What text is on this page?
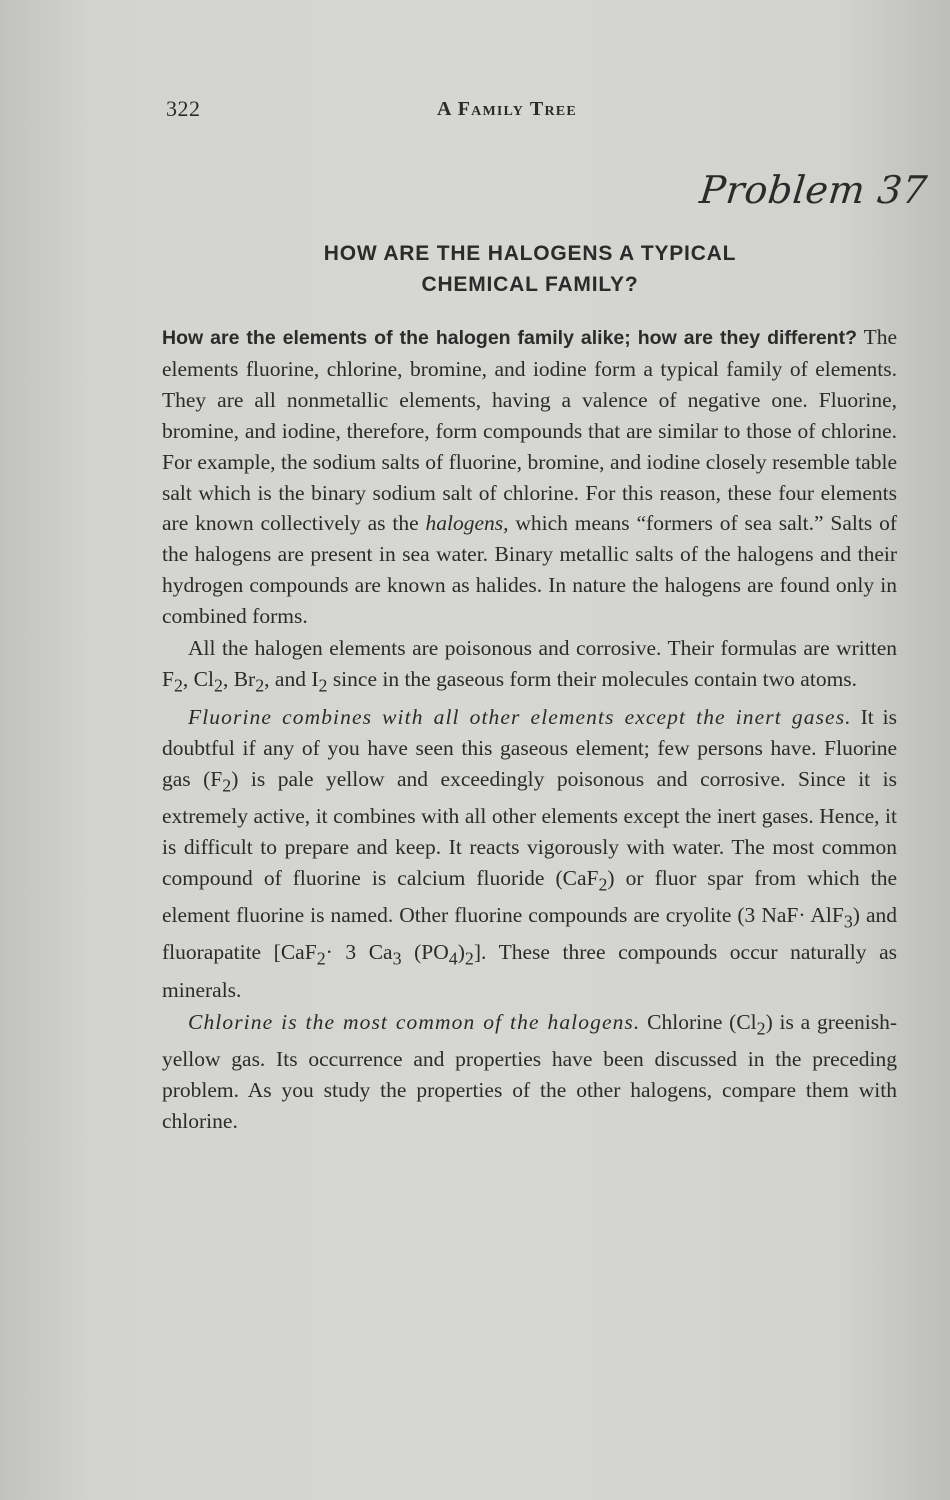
322	A Family Tree
Problem 37
HOW ARE THE HALOGENS A TYPICAL
CHEMICAL FAMILY?

How are the elements of the halogen family alike; how are they different? The elements fluorine, chlorine, bromine, and iodine form a typical family of elements. They are all nonmetallic elements, having a valence of negative one. Fluorine, bromine, and iodine, therefore, form compounds that are similar to those of chlorine. For example, the sodium salts of fluorine, bromine, and iodine closely resemble table salt which is the binary sodium salt of chlorine. For this reason, these four elements are known collectively as the halogens, which means “formers of sea salt.” Salts of the halogens are present in sea water. Binary metallic salts of the halogens and their hydrogen compounds are known as halides. In nature the halogens are found only in combined forms.

All the halogen elements are poisonous and corrosive. Their formulas are written $F_2$, $Cl_2$, $Br_2$, and $I_2$ since in the gaseous form their molecules contain two atoms.

Fluorine combines with all other elements except the inert gases. It is doubtful if any of you have seen this gaseous element; few persons have. Fluorine gas $(F_2)$ is pale yellow and exceedingly poisonous and corrosive. Since it is extremely active, it combines with all other elements except the inert gases. Hence, it is difficult to prepare and keep. It reacts vigorously with water. The most common compound of fluorine is calcium fluoride (CaF$_2$) or fluor spar from which the element fluorine is named. Other fluorine compounds are cryolite (3 NaF· AlF$_3$) and fluorapatite [CaF$_2$· 3 $Ca_3$ $(PO_4)_2$]. These three compounds occur naturally as minerals.

Chlorine is the most common of the halogens. Chlorine $(Cl_2)$ is a greenish-yellow gas. Its occurrence and properties have been discussed in the preceding problem. As you study the properties of the other halogens, compare them with chlorine.
